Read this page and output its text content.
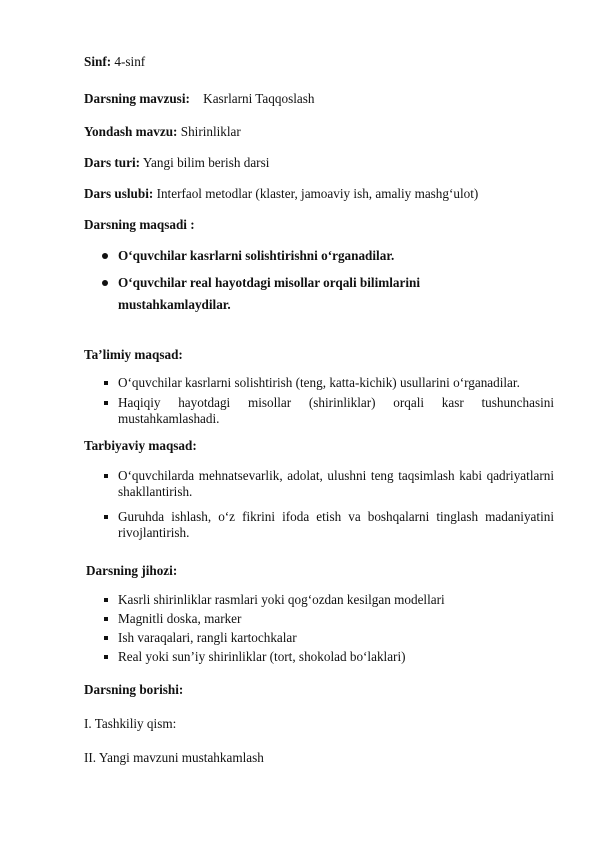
Sinf: 4-sinf
Darsning mavzusi: Kasrlarni Taqqoslash
Yondash mavzu: Shirinliklar
Dars turi: Yangi bilim berish darsi
Dars uslubi: Interfaol metodlar (klaster, jamoaviy ish, amaliy mashg‘ulot)
Darsning maqsadi :
O‘quvchilar kasrlarni solishtirishni o‘rganadilar.
O‘quvchilar real hayotdagi misollar orqali bilimlarini mustahkamlaydilar.
Ta’limiy maqsad:
O‘quvchilar kasrlarni solishtirish (teng, katta-kichik) usullarini o‘rganadilar.
Haqiqiy hayotdagi misollar (shirinliklar) orqali kasr tushunchasini mustahkamlashadi.
Tarbiyaviy maqsad:
O‘quvchilarda mehnatsevarlik, adolat, ulushni teng taqsimlash kabi qadriyatlarni shakllantirish.
Guruhda ishlash, o‘z fikrini ifoda etish va boshqalarni tinglash madaniyatini rivojlantirish.
Darsning jihozi:
Kasrli shirinliklar rasmlari yoki qog‘ozdan kesilgan modellari
Magnitli doska, marker
Ish varaqalari, rangli kartochkalar
Real yoki sun’iy shirinliklar (tort, shokolad bo‘laklari)
Darsning borishi:
I. Tashkiliy qism:
II. Yangi mavzuni mustahkamlash
